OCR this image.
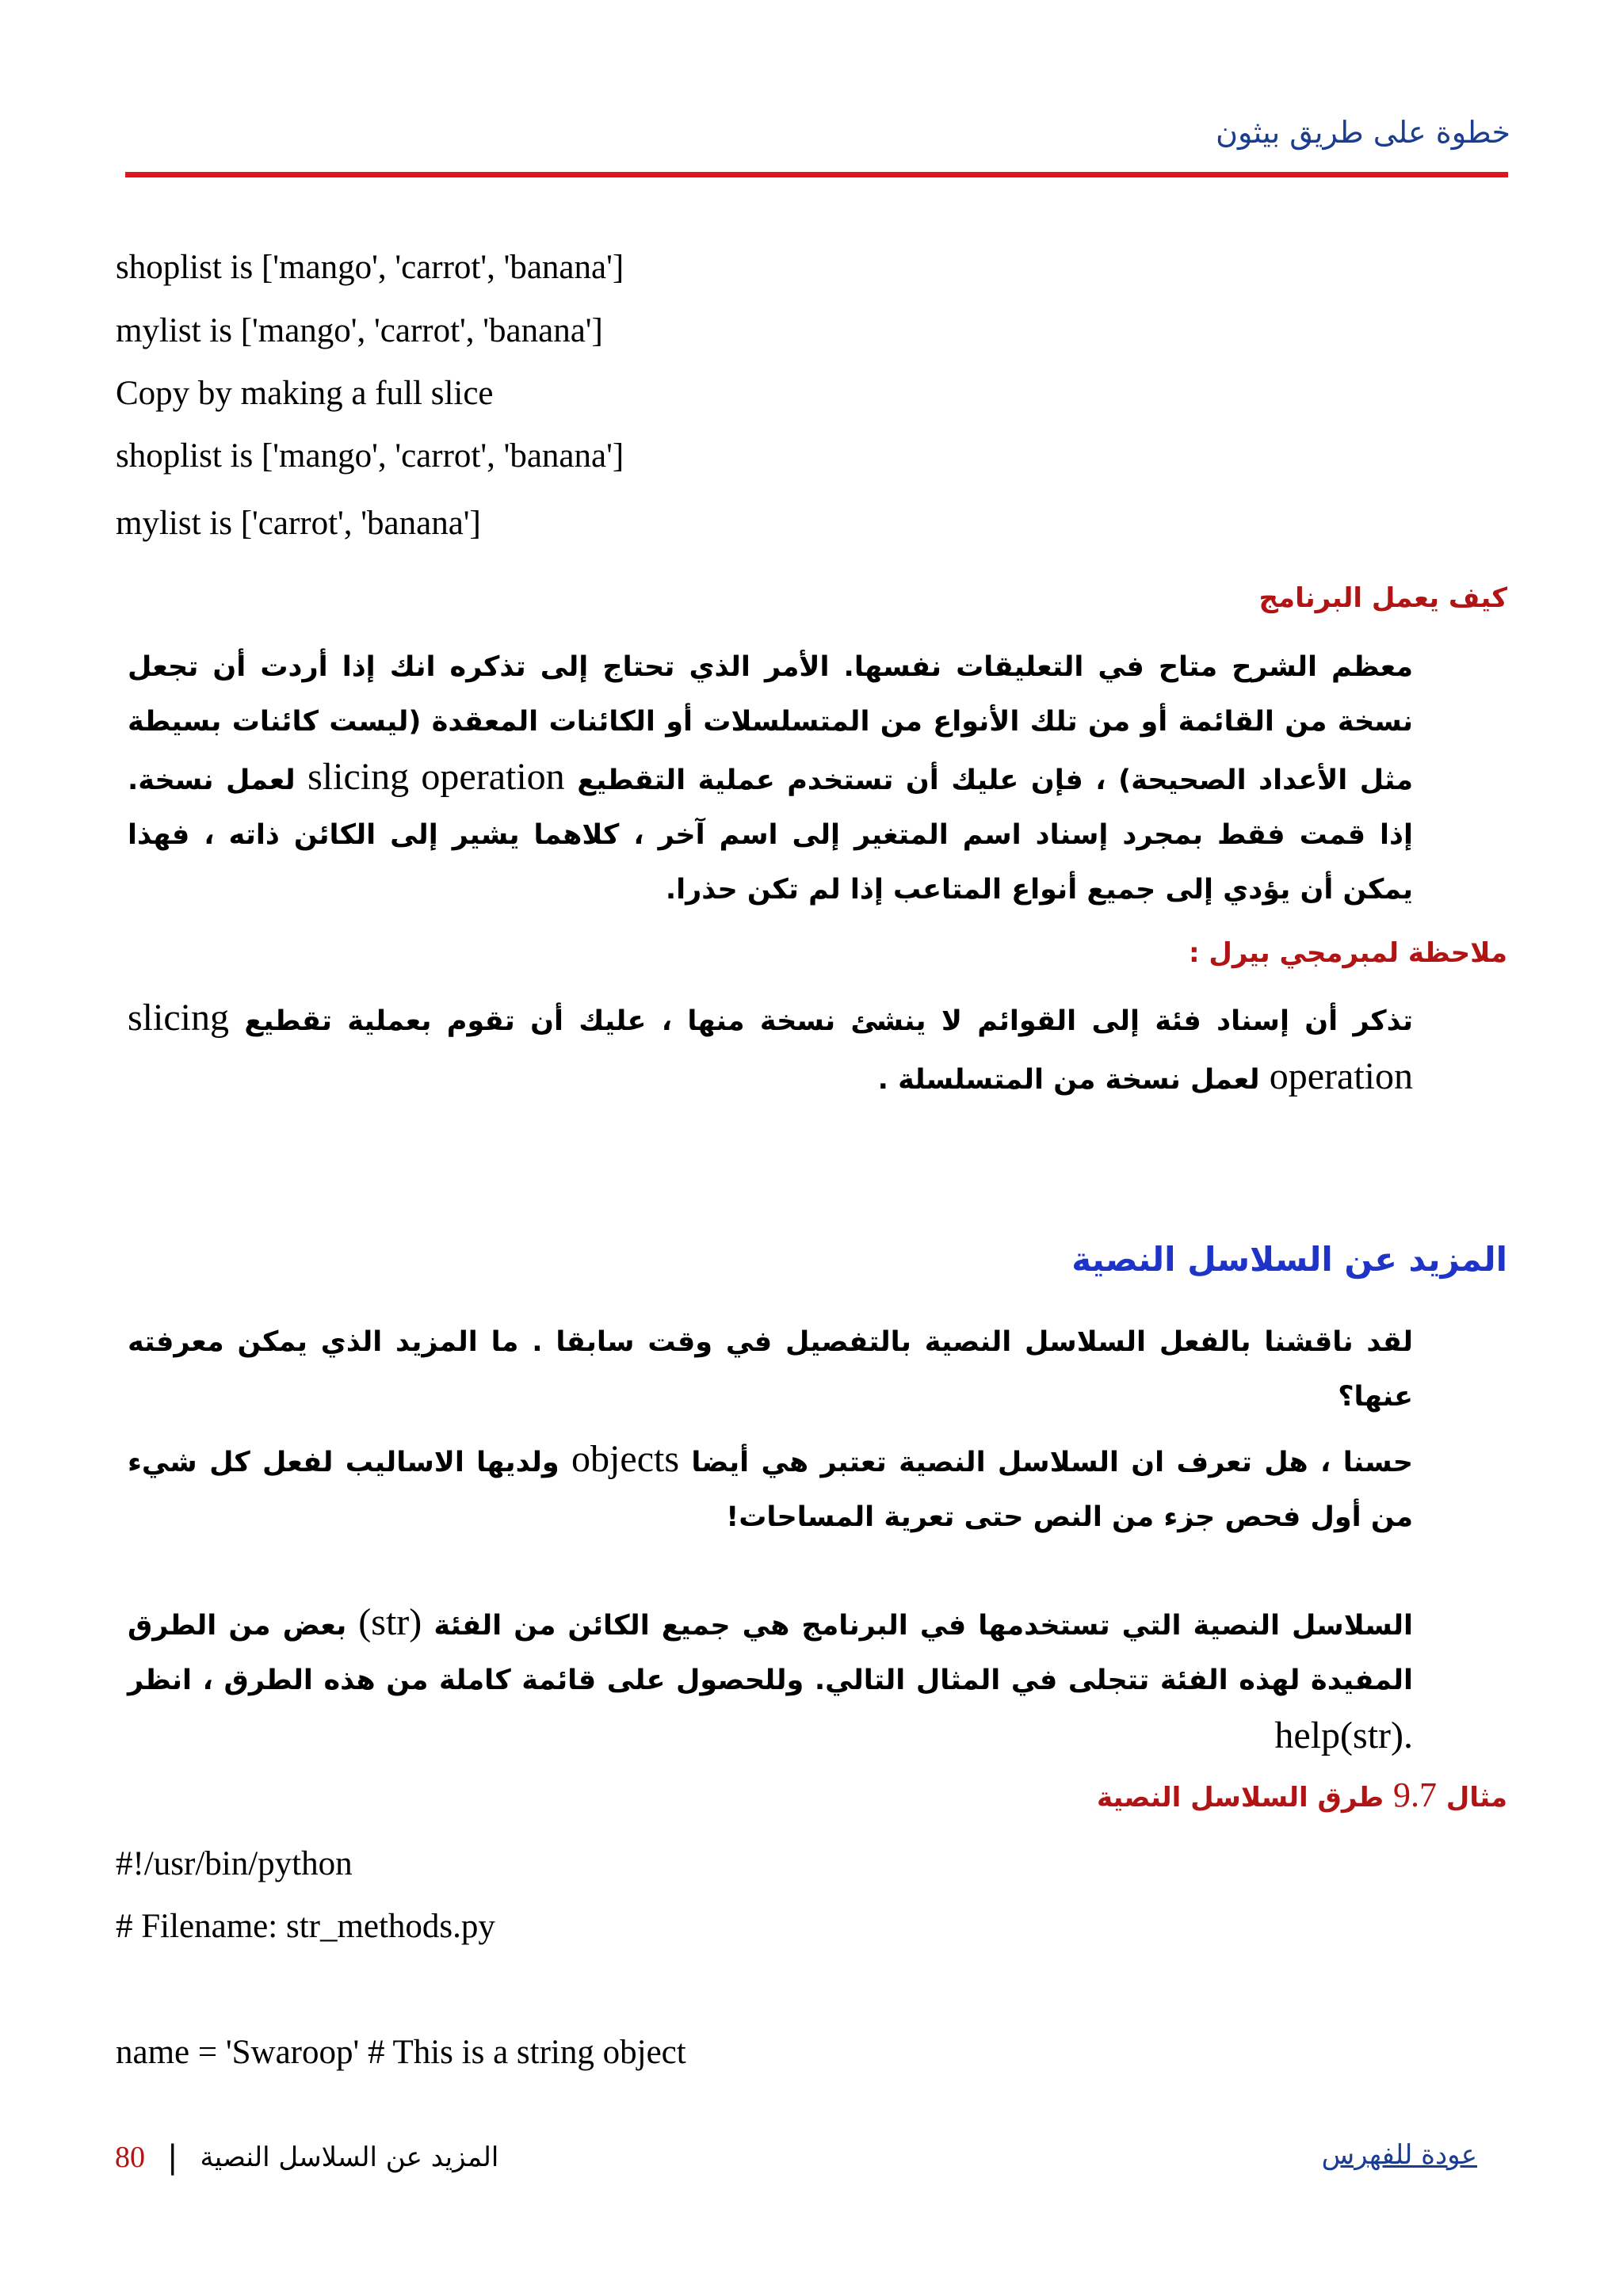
خطوة على طريق بيثون
shoplist is ['mango', 'carrot', 'banana']
mylist is ['mango', 'carrot', 'banana']
Copy by making a full slice
shoplist is ['mango', 'carrot', 'banana']
mylist is ['carrot', 'banana']
كيف يعمل البرنامج
معظم الشرح متاح في التعليقات نفسها. الأمر الذي تحتاج إلى تذكره انك إذا أردت أن تجعل نسخة من القائمة أو من تلك الأنواع من المتسلسلات أو الكائنات المعقدة (ليست كائنات بسيطة مثل الأعداد الصحيحة) ، فإن عليك أن تستخدم عملية التقطيع slicing operation لعمل نسخة. إذا قمت فقط بمجرد إسناد اسم المتغير إلى اسم آخر ، كلاهما يشير إلى الكائن ذاته ، فهذا يمكن أن يؤدي إلى جميع أنواع المتاعب إذا لم تكن حذرا.
ملاحظة لمبرمجي بيرل :
تذكر أن إسناد فئة إلى القوائم لا ينشئ نسخة منها ، عليك أن تقوم بعملية تقطيع slicing operation لعمل نسخة من المتسلسلة .
المزيد عن السلاسل النصية
لقد ناقشنا بالفعل السلاسل النصية بالتفصيل في وقت سابقا . ما المزيد الذي يمكن معرفته عنها؟
حسنا ، هل تعرف ان السلاسل النصية تعتبر هي أيضا objects ولديها الاساليب لفعل كل شيء من أول فحص جزء من النص حتى تعرية المساحات!
السلاسل النصية التي تستخدمها في البرنامج هي جميع الكائن من الفئة (str) بعض من الطرق المفيدة لهذه الفئة تتجلى في المثال التالي. وللحصول على قائمة كاملة من هذه الطرق ، انظر .help(str)
مثال 9.7 طرق السلاسل النصية
#!/usr/bin/python
# Filename: str_methods.py
name = 'Swaroop' # This is a string object
80 | المزيد عن السلاسل النصية	عودة للفهرس
